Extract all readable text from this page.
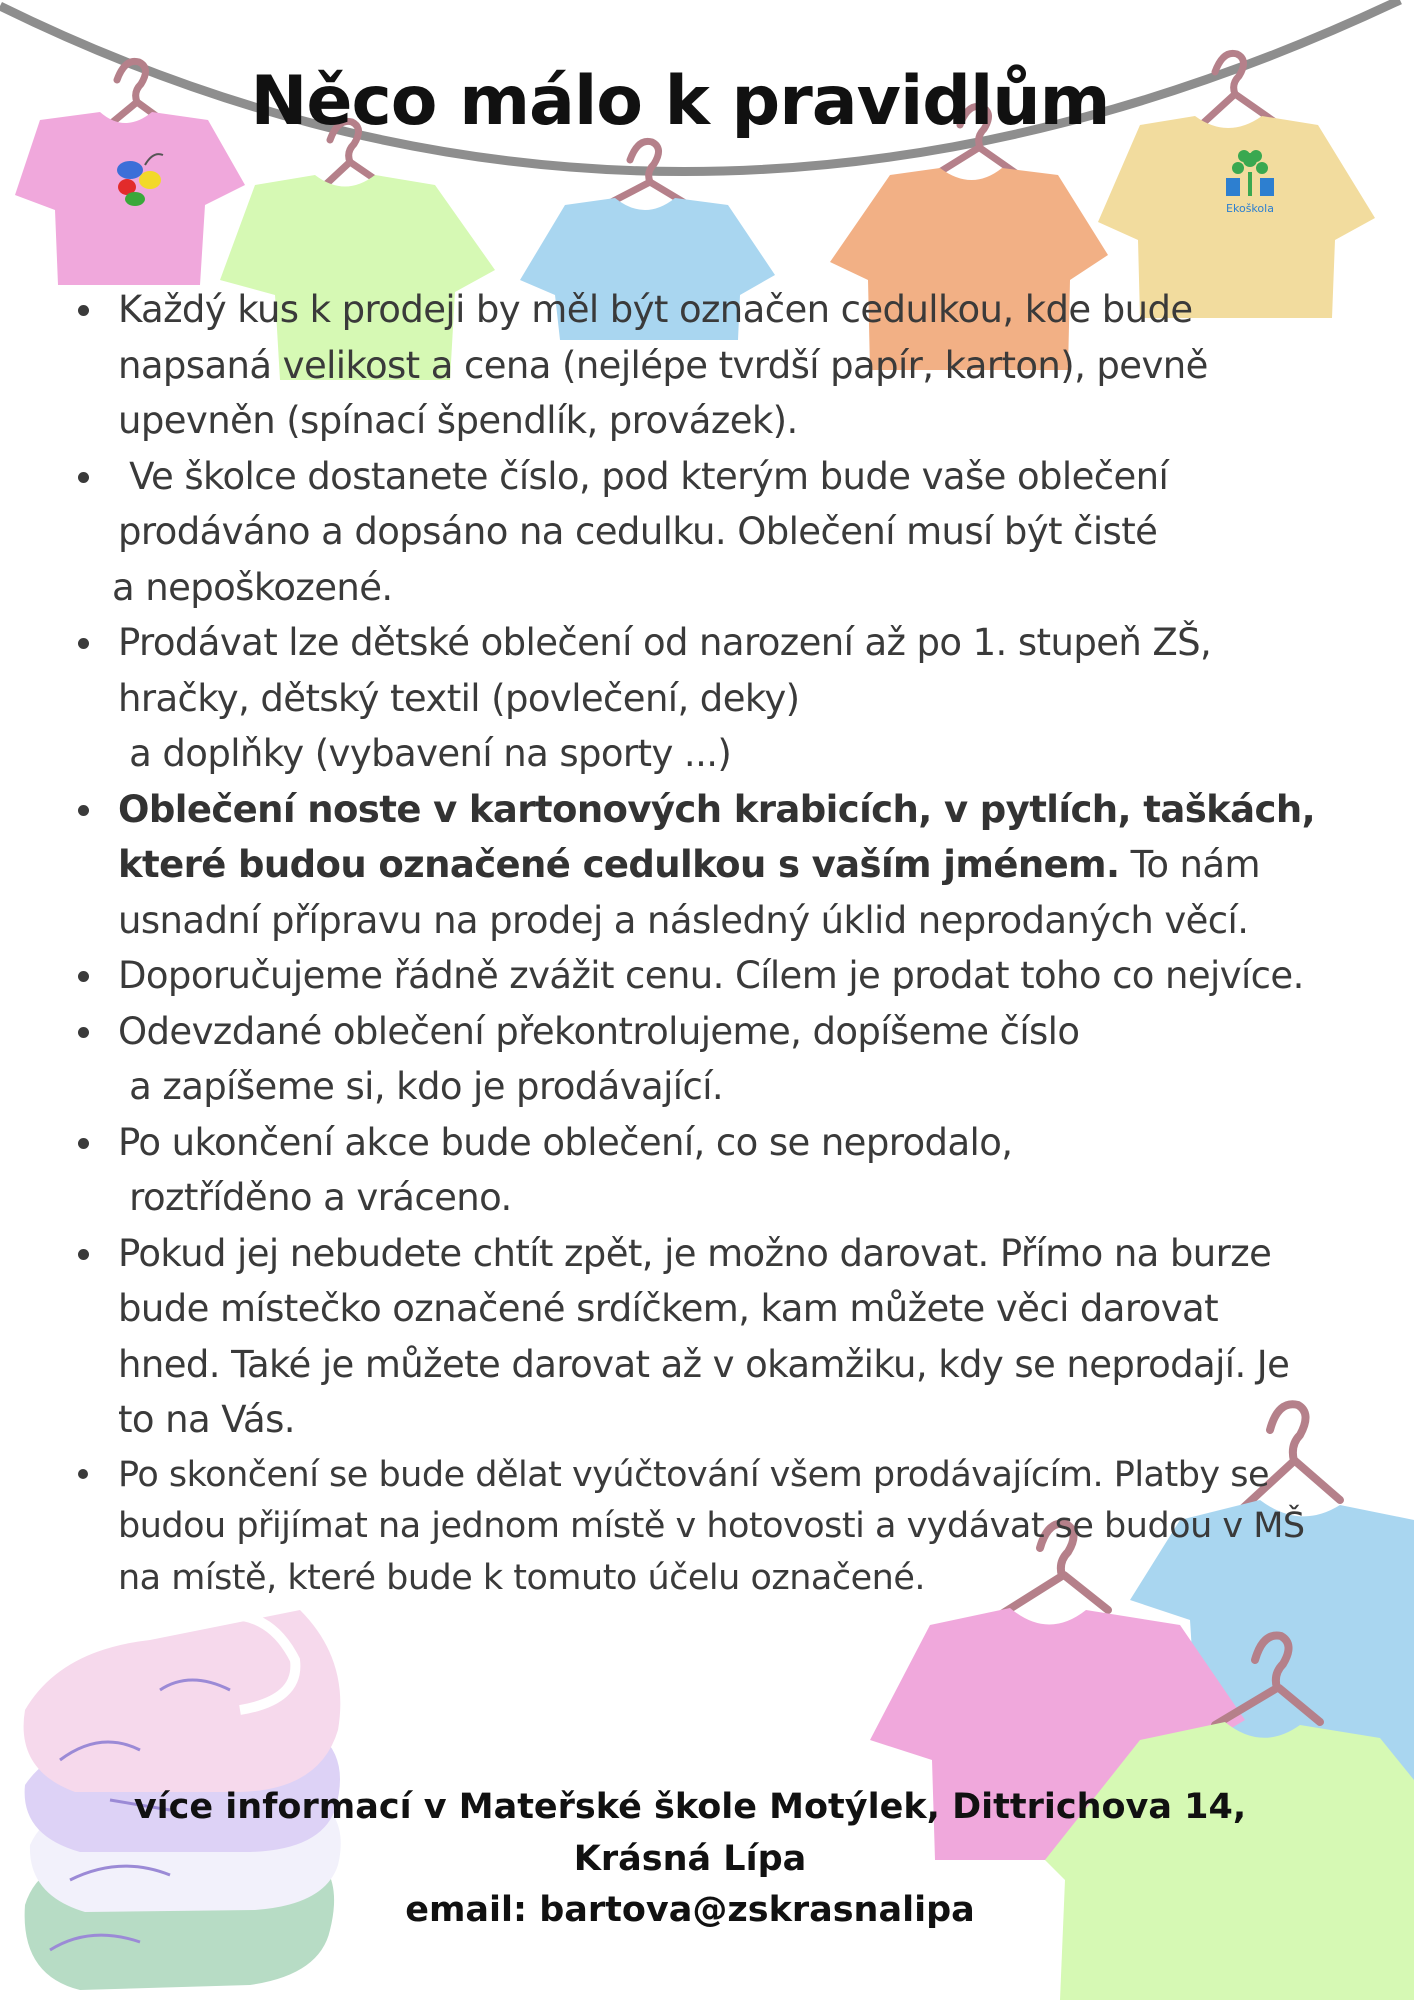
Ekoškola
Něco málo k pravidlům
Každý kus k prodeji by měl být označen cedulkou, kde bude
napsaná velikost a cena (nejlépe tvrdší papír, karton), pevně
upevněn (spínací špendlík, provázek).
Ve školce dostanete číslo, pod kterým bude vaše oblečení
prodáváno a dopsáno na cedulku. Oblečení musí být čisté
a nepoškozené.
Prodávat lze dětské oblečení od narození až po 1. stupeň ZŠ,
hračky, dětský textil (povlečení, deky)
a doplňky (vybavení na sporty ...)
Oblečení noste v kartonových krabicích, v pytlích, taškách,
které budou označené cedulkou s vaším jménem. To nám
usnadní přípravu na prodej a následný úklid neprodaných věcí.
Doporučujeme řádně zvážit cenu. Cílem je prodat toho co nejvíce.
Odevzdané oblečení překontrolujeme, dopíšeme číslo
a zapíšeme si, kdo je prodávající.
Po ukončení akce bude oblečení, co se neprodalo,
roztříděno a vráceno.
Pokud jej nebudete chtít zpět, je možno darovat. Přímo na burze
bude místečko označené srdíčkem, kam můžete věci darovat
hned. Také je můžete darovat až v okamžiku, kdy se neprodají. Je
to na Vás.
Po skončení se bude dělat vyúčtování všem prodávajícím. Platby se
budou přijímat na jednom místě v hotovosti a vydávat se budou v MŠ
na místě, které bude k tomuto účelu označené.
více informací v Mateřské škole Motýlek, Dittrichova 14,
Krásná Lípa
email: bartova@zskrasnalipa
